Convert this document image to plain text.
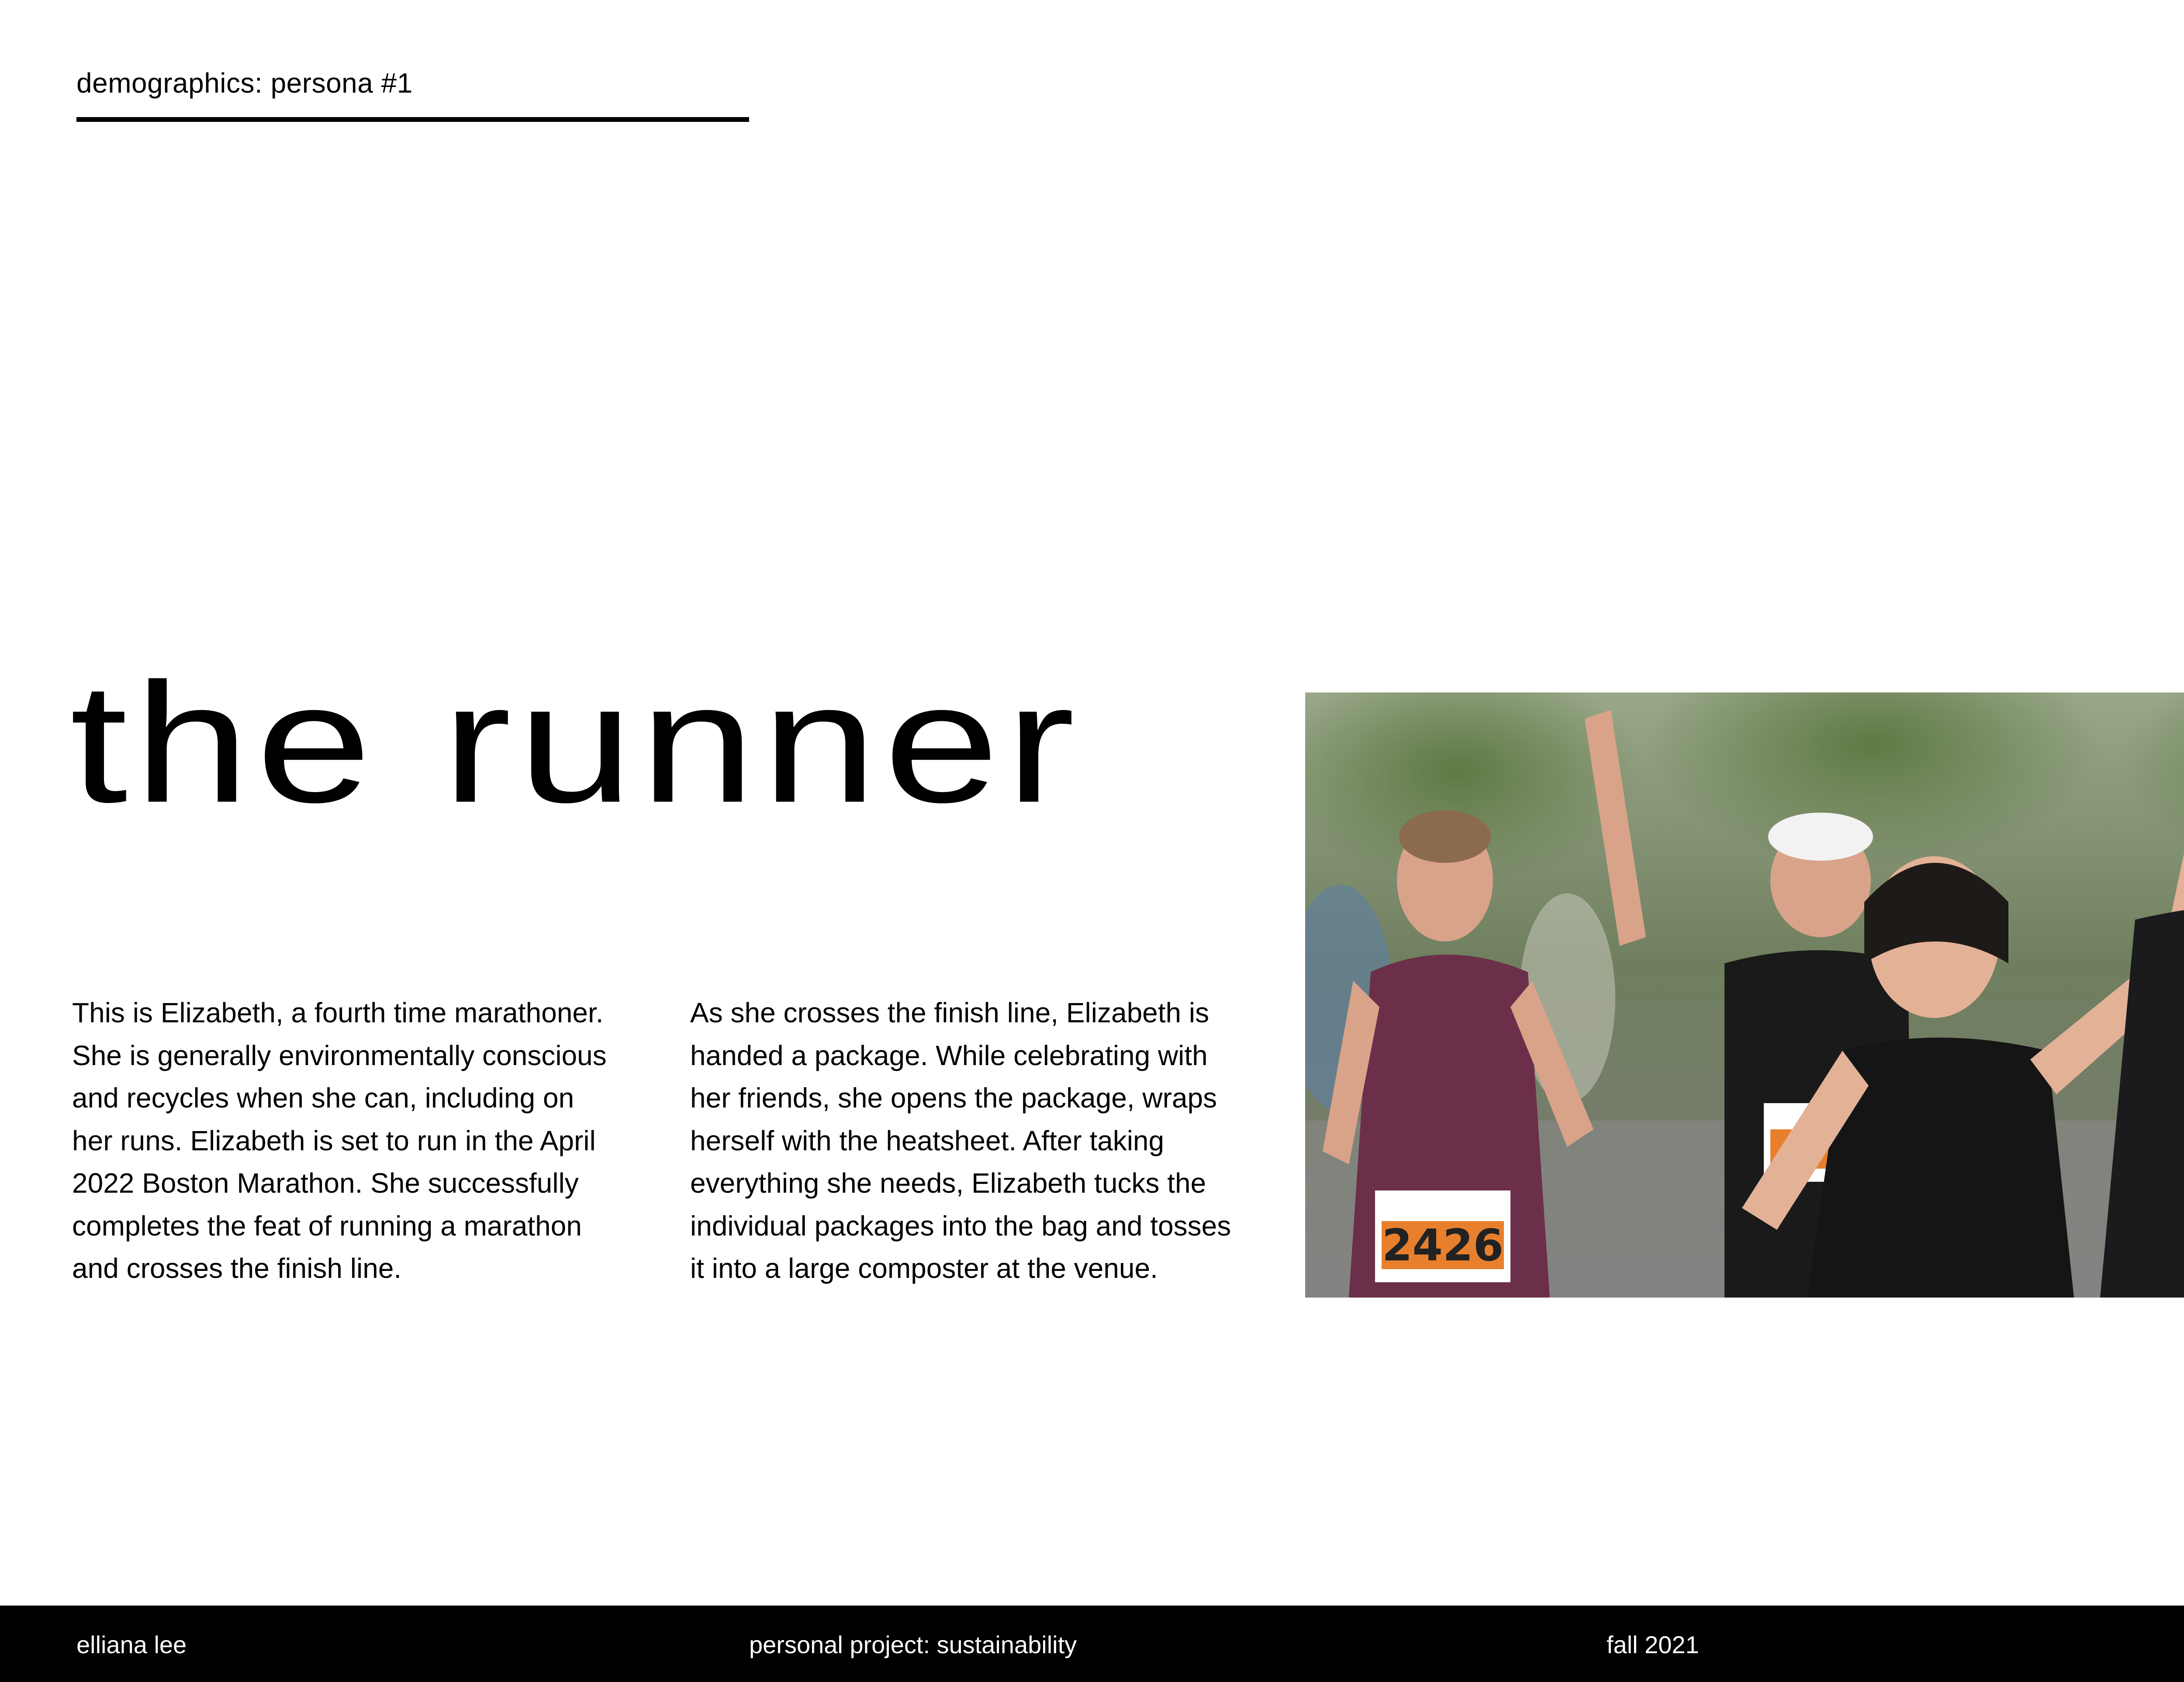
demographics: persona #1
the runner
This is Elizabeth, a fourth time marathoner.
She is generally environmentally conscious
and recycles when she can, including on
her runs. Elizabeth is set to run in the April
2022 Boston Marathon. She successfully
completes the feat of running a marathon
and crosses the finish line.
As she crosses the finish line, Elizabeth is
handed a package. While celebrating with
her friends, she opens the package, wraps
herself with the heatsheet. After taking
everything she needs, Elizabeth tucks the
individual packages into the bag and tosses
it into a large composter at the venue.	2426
elliana lee	personal project: sustainability	fall 2021
